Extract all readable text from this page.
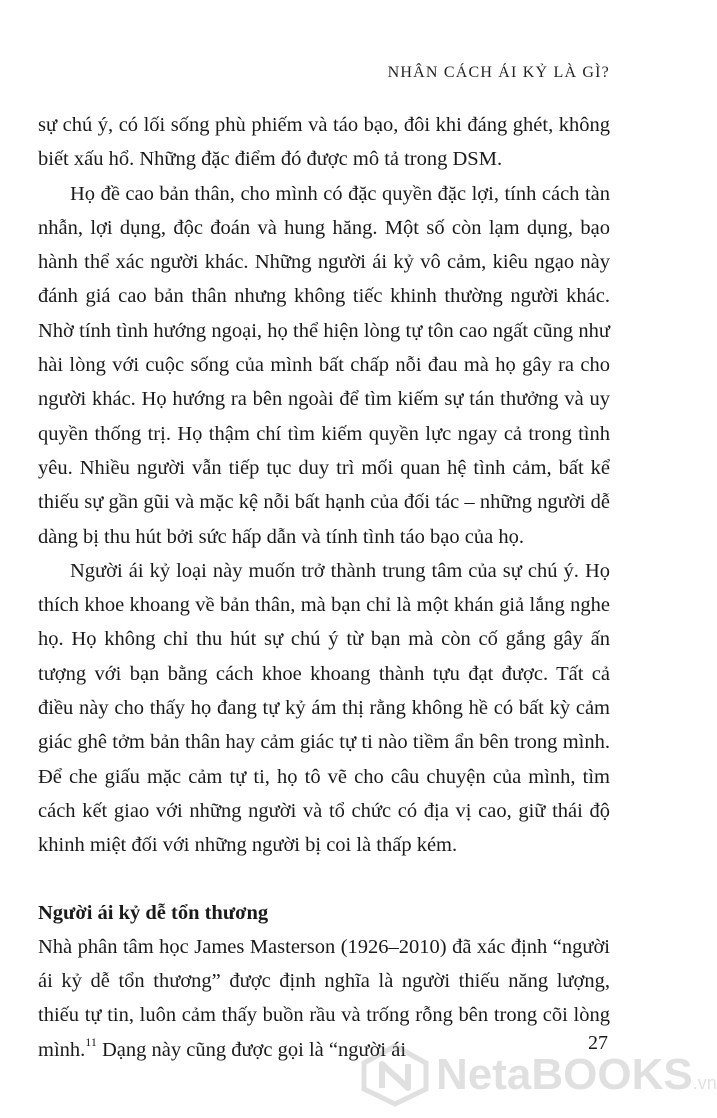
NHÂN CÁCH ÁI KỶ LÀ GÌ?

sự chú ý, có lối sống phù phiếm và táo bạo, đôi khi đáng ghét, không biết xấu hổ. Những đặc điểm đó được mô tả trong DSM.

Họ đề cao bản thân, cho mình có đặc quyền đặc lợi, tính cách tàn nhẫn, lợi dụng, độc đoán và hung hăng. Một số còn lạm dụng, bạo hành thể xác người khác. Những người ái kỷ vô cảm, kiêu ngạo này đánh giá cao bản thân nhưng không tiếc khinh thường người khác. Nhờ tính tình hướng ngoại, họ thể hiện lòng tự tôn cao ngất cũng như hài lòng với cuộc sống của mình bất chấp nỗi đau mà họ gây ra cho người khác. Họ hướng ra bên ngoài để tìm kiếm sự tán thưởng và uy quyền thống trị. Họ thậm chí tìm kiếm quyền lực ngay cả trong tình yêu. Nhiều người vẫn tiếp tục duy trì mối quan hệ tình cảm, bất kể thiếu sự gần gũi và mặc kệ nỗi bất hạnh của đối tác – những người dễ dàng bị thu hút bởi sức hấp dẫn và tính tình táo bạo của họ.

Người ái kỷ loại này muốn trở thành trung tâm của sự chú ý. Họ thích khoe khoang về bản thân, mà bạn chỉ là một khán giả lắng nghe họ. Họ không chỉ thu hút sự chú ý từ bạn mà còn cố gắng gây ấn tượng với bạn bằng cách khoe khoang thành tựu đạt được. Tất cả điều này cho thấy họ đang tự kỷ ám thị rằng không hề có bất kỳ cảm giác ghê tởm bản thân hay cảm giác tự ti nào tiềm ẩn bên trong mình. Để che giấu mặc cảm tự ti, họ tô vẽ cho câu chuyện của mình, tìm cách kết giao với những người và tổ chức có địa vị cao, giữ thái độ khinh miệt đối với những người bị coi là thấp kém.

Người ái kỷ dễ tổn thương

Nhà phân tâm học James Masterson (1926–2010) đã xác định “người ái kỷ dễ tổn thương” được định nghĩa là người thiếu năng lượng, thiếu tự tin, luôn cảm thấy buồn rầu và trống rỗng bên trong cõi lòng mình.$^{11}$ Dạng này cũng được gọi là “người ái	27
NetaBOOKS.vn
